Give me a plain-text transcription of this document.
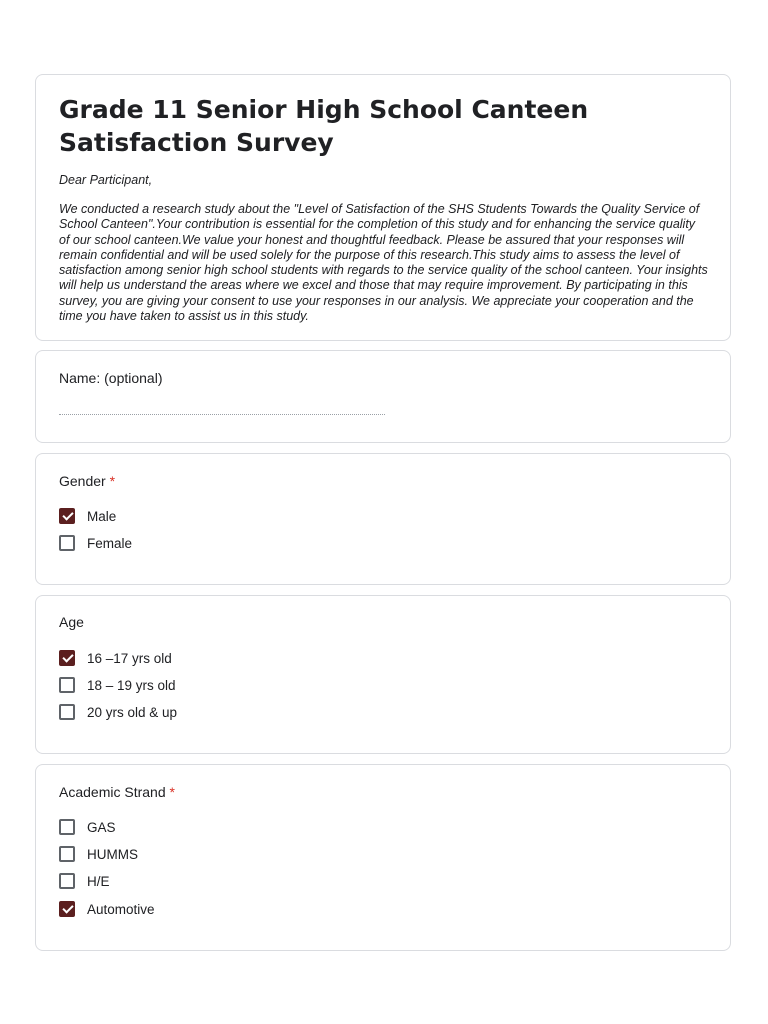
Grade 11 Senior High School Canteen Satisfaction Survey
Dear Participant,
We conducted a research study about the "Level of Satisfaction of the SHS Students Towards the Quality Service of School Canteen".Your contribution is essential for the completion of this study and for enhancing the service quality of our school canteen.We value your honest and thoughtful feedback. Please be assured that your responses will remain confidential and will be used solely for the purpose of this research.This study aims to assess the level of satisfaction among senior high school students with regards to the service quality of the school canteen. Your insights will help us understand the areas where we excel and those that may require improvement. By participating in this survey, you are giving your consent to use your responses in our analysis. We appreciate your cooperation and the time you have taken to assist us in this study.
Name: (optional)
Gender *
Male
Female
Age
16 –17 yrs old
18 – 19 yrs old
20 yrs old & up
Academic Strand *
GAS
HUMMS
H/E
Automotive
